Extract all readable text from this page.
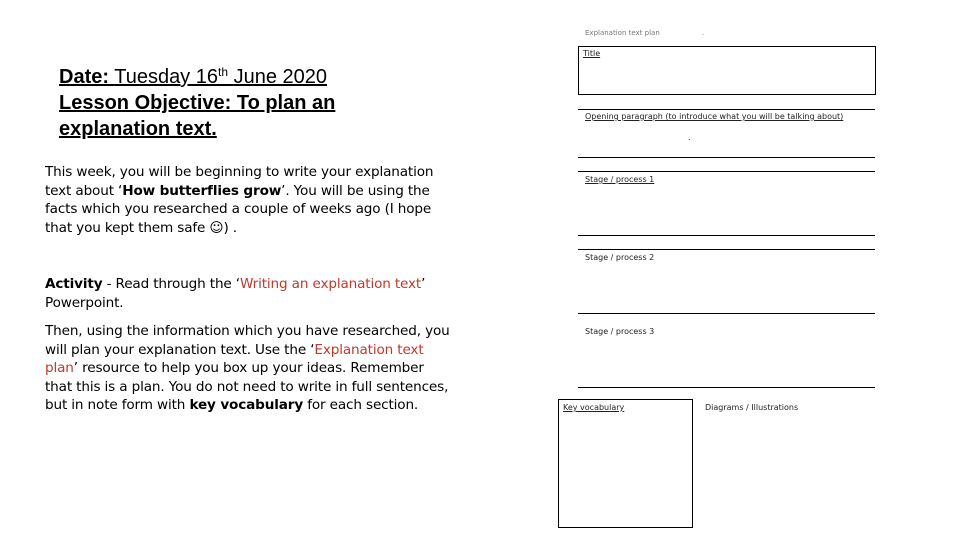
Date: Tuesday 16th June 2020
Lesson Objective: To plan an
explanation text.
This week, you will be beginning to write your explanation text about ‘How butterflies grow’. You will be using the facts which you researched a couple of weeks ago (I hope that you kept them safe ☺) .
Activity - Read through the ‘Writing an explanation text’ Powerpoint.
Then, using the information which you have researched, you will plan your explanation text. Use the ‘Explanation text plan’ resource to help you box up your ideas. Remember that this is a plan. You do not need to write in full sentences, but in note form with key vocabulary for each section.
Explanation text plan	.
Title
Opening paragraph (to introduce what you will be talking about)
.
Stage / process 1
Stage / process 2
Stage / process 3
Key vocabulary	Diagrams / Illustrations
